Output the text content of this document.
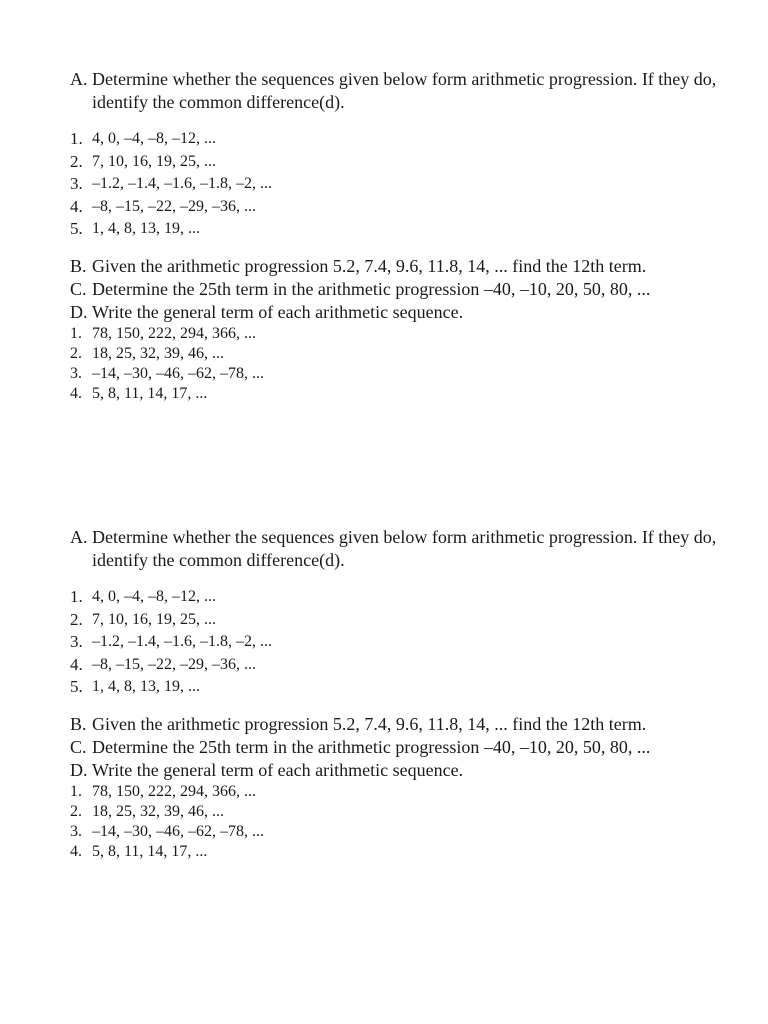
A. Determine whether the sequences given below form arithmetic progression. If they do, identify the common difference(d).
1. 4, 0, –4, –8, –12, ...
2. 7, 10, 16, 19, 25, ...
3. –1.2, –1.4, –1.6, –1.8, –2, ...
4. –8, –15, –22, –29, –36, ...
5. 1, 4, 8, 13, 19, ...
B. Given the arithmetic progression 5.2, 7.4, 9.6, 11.8, 14, ... find the 12th term.
C. Determine the 25th term in the arithmetic progression –40, –10, 20, 50, 80, ...
D. Write the general term of each arithmetic sequence.
1. 78, 150, 222, 294, 366, ...
2. 18, 25, 32, 39, 46, ...
3. –14, –30, –46, –62, –78, ...
4. 5, 8, 11, 14, 17, ...
A. Determine whether the sequences given below form arithmetic progression. If they do, identify the common difference(d).
1. 4, 0, –4, –8, –12, ...
2. 7, 10, 16, 19, 25, ...
3. –1.2, –1.4, –1.6, –1.8, –2, ...
4. –8, –15, –22, –29, –36, ...
5. 1, 4, 8, 13, 19, ...
B. Given the arithmetic progression 5.2, 7.4, 9.6, 11.8, 14, ... find the 12th term.
C. Determine the 25th term in the arithmetic progression –40, –10, 20, 50, 80, ...
D. Write the general term of each arithmetic sequence.
1. 78, 150, 222, 294, 366, ...
2. 18, 25, 32, 39, 46, ...
3. –14, –30, –46, –62, –78, ...
4. 5, 8, 11, 14, 17, ...
